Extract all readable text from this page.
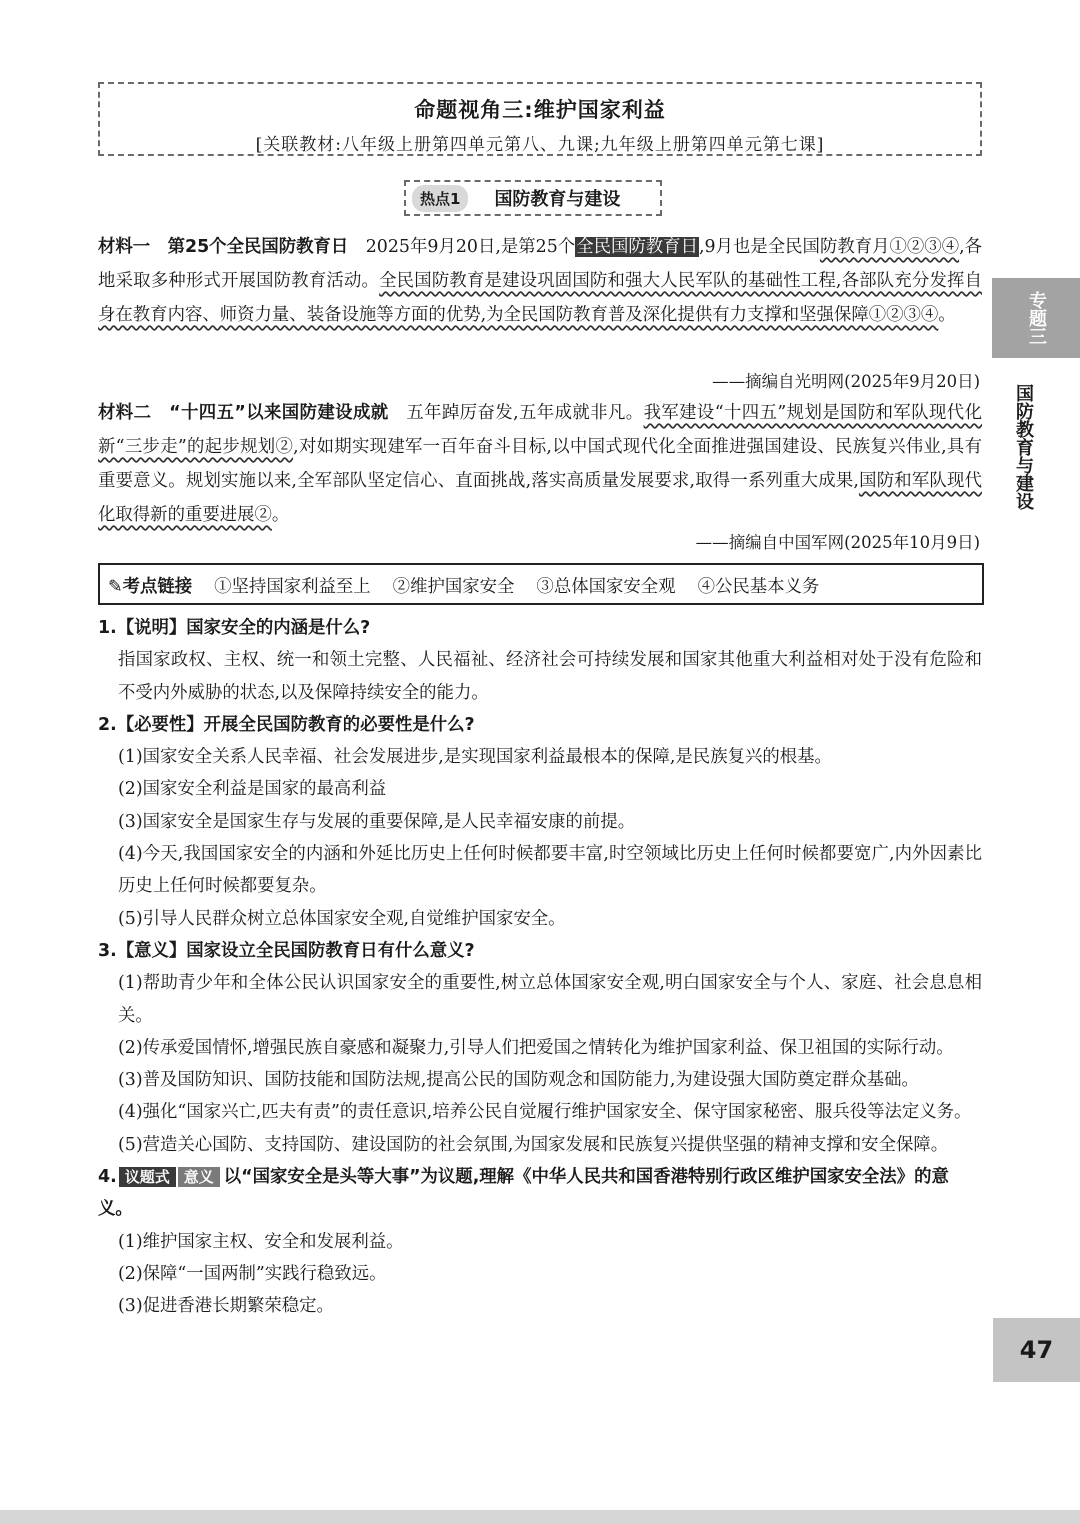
命题视角三:维护国家利益
[关联教材:八年级上册第四单元第八、九课;九年级上册第四单元第七课]
热点1	国防教育与建设
材料一　第25个全民国防教育日　2025年9月20日,是第25个全民国防教育日,9月也是全民国防教育月①②③④,各地采取多种形式开展国防教育活动。全民国防教育是建设巩固国防和强大人民军队的基础性工程,各部队充分发挥自身在教育内容、师资力量、装备设施等方面的优势,为全民国防教育普及深化提供有力支撑和坚强保障①②③④。
——摘编自光明网(2025年9月20日)
材料二　“十四五”以来国防建设成就　五年踔厉奋发,五年成就非凡。我军建设“十四五”规划是国防和军队现代化新“三步走”的起步规划②,对如期实现建军一百年奋斗目标,以中国式现代化全面推进强国建设、民族复兴伟业,具有重要意义。规划实施以来,全军部队坚定信心、直面挑战,落实高质量发展要求,取得一系列重大成果,国防和军队现代化取得新的重要进展②。
——摘编自中国军网(2025年10月9日)
专题三
国防教育与建设
47
✎考点链接 ①坚持国家利益至上 ②维护国家安全 ③总体国家安全观 ④公民基本义务
1.【说明】国家安全的内涵是什么?
指国家政权、主权、统一和领土完整、人民福祉、经济社会可持续发展和国家其他重大利益相对处于没有危险和不受内外威胁的状态,以及保障持续安全的能力。
2.【必要性】开展全民国防教育的必要性是什么?
(1)国家安全关系人民幸福、社会发展进步,是实现国家利益最根本的保障,是民族复兴的根基。
(2)国家安全利益是国家的最高利益
(3)国家安全是国家生存与发展的重要保障,是人民幸福安康的前提。
(4)今天,我国国家安全的内涵和外延比历史上任何时候都要丰富,时空领域比历史上任何时候都要宽广,内外因素比历史上任何时候都要复杂。
(5)引导人民群众树立总体国家安全观,自觉维护国家安全。
3.【意义】国家设立全民国防教育日有什么意义?
(1)帮助青少年和全体公民认识国家安全的重要性,树立总体国家安全观,明白国家安全与个人、家庭、社会息息相关。
(2)传承爱国情怀,增强民族自豪感和凝聚力,引导人们把爱国之情转化为维护国家利益、保卫祖国的实际行动。
(3)普及国防知识、国防技能和国防法规,提高公民的国防观念和国防能力,为建设强大国防奠定群众基础。
(4)强化“国家兴亡,匹夫有责”的责任意识,培养公民自觉履行维护国家安全、保守国家秘密、服兵役等法定义务。
(5)营造关心国防、支持国防、建设国防的社会氛围,为国家发展和民族复兴提供坚强的精神支撑和安全保障。
4. 议题式 意义 以“国家安全是头等大事”为议题,理解《中华人民共和国香港特别行政区维护国家安全法》的意义。
(1)维护国家主权、安全和发展利益。
(2)保障“一国两制”实践行稳致远。
(3)促进香港长期繁荣稳定。
